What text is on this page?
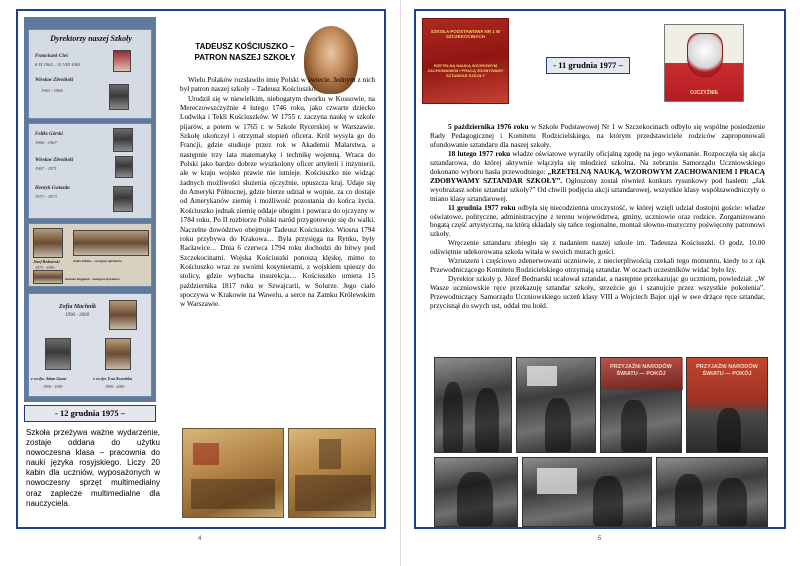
Dyrektorzy naszej Szkoły
Franciszek Cieś
8 IX 1962 – 31 VIII 1963
Wiesław Zbroiński
1963 - 1966
Feliks Górski
1966 - 1967
Wiesław Zbroiński
1967 - 1971
Henryk Gwiazda
1971 - 1973
Józef Bednarski
1973 - 1990
Zofia Mielus – zastępca dyrektora
Danuta Boggard – zastępca dyrektora
Zofia Machnik
1990 - 2000
z-ca dyr. Adam Gazur
1990 - 1999
z-ca dyr. Ewa Kowalska
1999 - 2000
- 12 grudnia 1975 –
Szkoła przeżywa ważne wydarzenie, zostaje oddana do użytku nowoczesna klasa – pracownia do nauki języka rosyjskiego. Liczy 20 kabin dla uczniów, wyposażonych w nowoczesny sprzęt multimedialny oraz zaplecze multimedialne dla nauczyciela.
TADEUSZ KOŚCIUSZKO –
PATRON NASZEJ SZKOŁY

Wielu Polaków rozsławiło imię Polski w świecie. Jednym z nich był patron naszej szkoły – Tadeusz Kościuszko.

Urodził się w niewielkim, niebogatym dworku w Kossowie, na Mereczowszczyźnie 4 lutego 1746 roku, jako czwarte dziecko Ludwika i Tekli Kościuszków. W 1755 r. zaczyna naukę w szkole pijarów, a potem w 1765 r. w Szkole Rycerskiej w Warszawie. Szkołę ukończył i otrzymał stopień oficera. Król wysyła go do Francji, gdzie studiuje przez rok w Akademii Malarstwa, a następnie trzy lata matematykę i technikę wojenną. Wraca do Polski jako bardzo dobrze wyszkolony oficer artylerii i inżynierii, ale w kraju wojsko prawie nie istnieje. Kościuszko nie widząc żadnych możliwości służenia ojczyźnie, opuszcza kraj. Udaje się do Ameryki Północnej, gdzie bierze udział w wojnie, za co dostaje od Amerykanów ziemię i możliwość pozostania do końca życia. Kościuszko jednak ziemię oddaje ubogim i powraca do ojczyzny w 1784 roku. Po II rozbiorze Polski naród przygotowuje się do walki. Naczelne dowództwo obejmuje Tadeusz Kościuszko. Wiosna 1794 roku przybywa do Krakowa… Była przysięga na Rynku, były Racławice… Dnia 6 czerwca 1794 roku dochodzi do bitwy pod Szczekocinami. Wojska Kościuszki ponoszą klęskę, mimo to Kościuszko wraz ze swoimi kosynierami, z wojskiem spieszy do stolicy, gdzie wybucha insurekcja… Kościuszko umiera 15 października 1817 roku w Szwajcarii, w Solurze. Jego ciało spoczywa w Krakowie na Wawelu, a serce na Zamku Królewskim w Warszawie.

4
SZKOŁA PODSTAWOWA NR 1 W SZCZEKOCINACH
RZETELNĄ NAUKĄ WZOROWYM ZACHOWANIEM I PRACĄ ZDOBYWAMY SZTANDAR SZKOŁY
- 11 grudnia 1977 –
OJCZYŹNIE

5 października 1976 roku w Szkole Podstawowej Nr 1 w Szczekocinach odbyło się wspólne posiedzenie Rady Pedagogicznej i Komitetu Rodzicielskiego, na którym przedstawiciele rodziców zaproponowali ufundowanie sztandaru dla naszej szkoły.

18 lutego 1977 roku władze oświatowe wyraziły oficjalną zgodę na jego wykonanie. Rozpoczęła się akcja sztandarowa, do której aktywnie włączyła się młodzież szkolna. Na zebraniu Samorządu Uczniowskiego dokonano wyboru hasła przewodniego: „RZETELNĄ NAUKĄ, WZOROWYM ZACHOWANIEM I PRACĄ ZDOBYWAMY SZTANDAR SZKOŁY”. Ogłoszony został również konkurs rysunkowy pod hasłem: „Jak wyobrażasz sobie sztandar szkoły?” Od chwili podjęcia akcji sztandarowej, wszystkie klasy współzawodniczyły o miano klasy sztandarowej.

11 grudnia 1977 roku odbyła się niecodzienna uroczystość, w której wzięli udział dostojni goście: władze oświatowe, polityczne, administracyjne z terenu województwa, gminy, uczniowie oraz rodzice. Zorganizowano bogatą część artystyczną, na którą składały się tańce regionalne, montaż słowno-muzyczny poświęcony patronowi szkoły.

Wręczenie sztandaru zbiegło się z nadaniem naszej szkole im. Tadeusza Kościuszki. O godz. 10.00 odświętnie udekorowana szkoła witała w swoich murach gości.

Wzruszeni i częściowo zdenerwowani uczniowie, z niecierpliwością czekali tego momentu, kiedy to z rąk Przewodniczącego Komitetu Rodzicielskiego otrzymają sztandar. W oczach uczestników widać było łzy.

Dyrektor szkoły p. Józef Bednarski ucałował sztandar, a następnie przekazując go uczniom, powiedział: „W Wasze uczniowskie ręce przekazuję sztandar szkoły, strzeżcie go i szanujcie przez wszystkie pokolenia”. Przewodniczący Samorządu Uczniowskiego uczeń klasy VIII a Wojciech Bajor ujął w swe drżące ręce sztandar, przycisnął do swych ust, oddał mu hołd.

PRZYJAŹNI NARODÓW ŚWIATU — POKÓJ
PRZYJAŹNI NARODÓW ŚWIATU — POKÓJ
5
